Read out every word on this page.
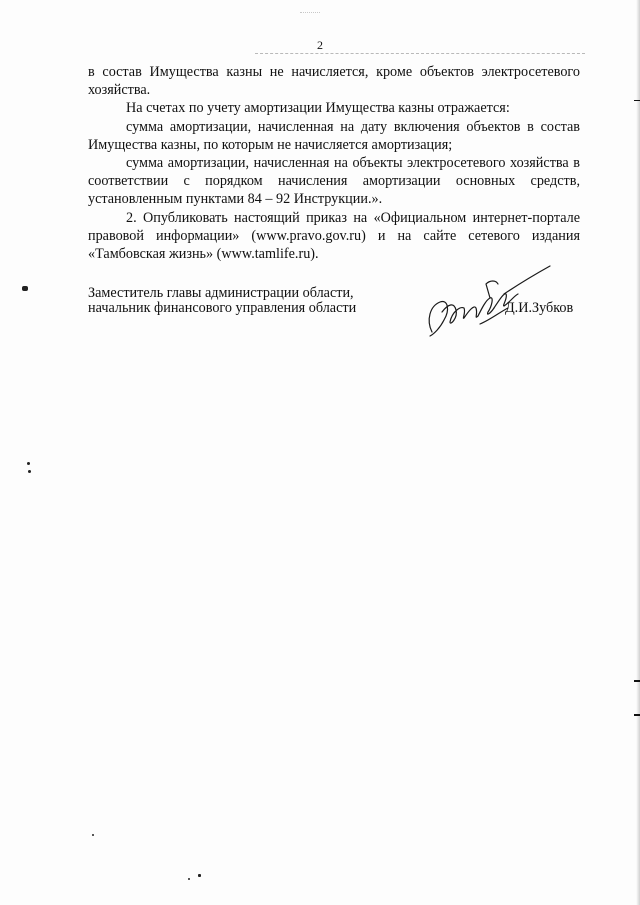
2

в состав Имущества казны не начисляется, кроме объектов электросетевого хозяйства.

На счетах по учету амортизации Имущества казны отражается:

сумма амортизации, начисленная на дату включения объектов в состав Имущества казны, по которым не начисляется амортизация;

сумма амортизации, начисленная на объекты электросетевого хозяйства в соответствии с порядком начисления амортизации основных средств, установленным пунктами 84 – 92 Инструкции.».

2. Опубликовать настоящий приказ на «Официальном интернет-портале правовой информации» (www.pravo.gov.ru) и на сайте сетевого издания «Тамбовская жизнь» (www.tamlife.ru).

Заместитель главы администрации области,
начальник финансового управления области	Д.И.Зубков
